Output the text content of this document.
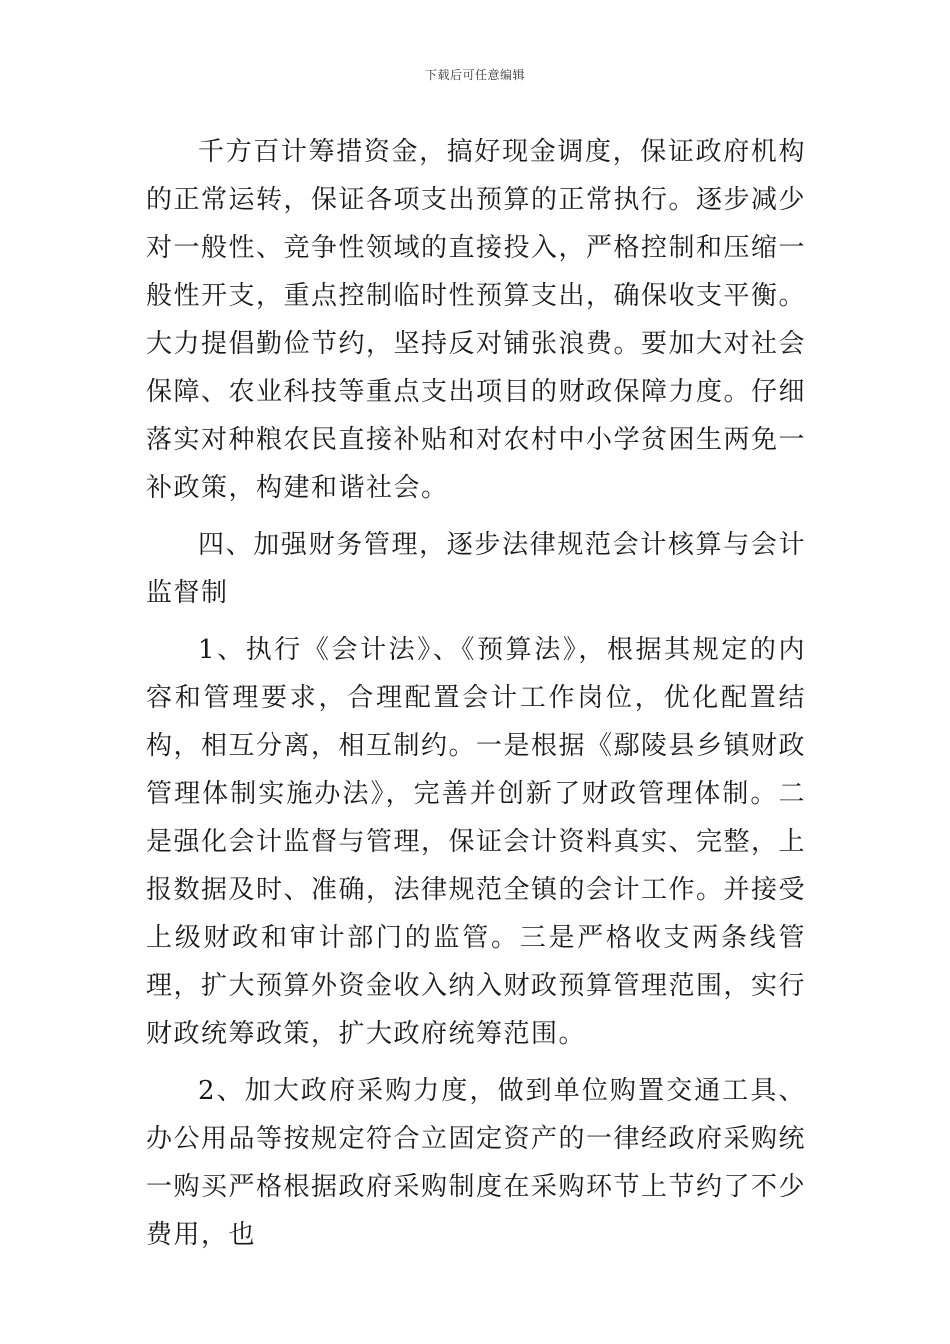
下载后可任意编辑

千方百计筹措资金，搞好现金调度，保证政府机构的正常运转，保证各项支出预算的正常执行。逐步减少对一般性、竞争性领域的直接投入，严格控制和压缩一般性开支，重点控制临时性预算支出，确保收支平衡。大力提倡勤俭节约，坚持反对铺张浪费。要加大对社会保障、农业科技等重点支出项目的财政保障力度。仔细落实对种粮农民直接补贴和对农村中小学贫困生两免一补政策，构建和谐社会。

四、加强财务管理，逐步法律规范会计核算与会计监督制

1、执行《会计法》、《预算法》，根据其规定的内容和管理要求，合理配置会计工作岗位，优化配置结构，相互分离，相互制约。一是根据《鄢陵县乡镇财政管理体制实施办法》，完善并创新了财政管理体制。二是强化会计监督与管理，保证会计资料真实、完整，上报数据及时、准确，法律规范全镇的会计工作。并接受上级财政和审计部门的监管。三是严格收支两条线管理，扩大预算外资金收入纳入财政预算管理范围，实行财政统筹政策，扩大政府统筹范围。

2、加大政府采购力度，做到单位购置交通工具、办公用品等按规定符合立固定资产的一律经政府采购统一购买严格根据政府采购制度在采购环节上节约了不少费用，也
